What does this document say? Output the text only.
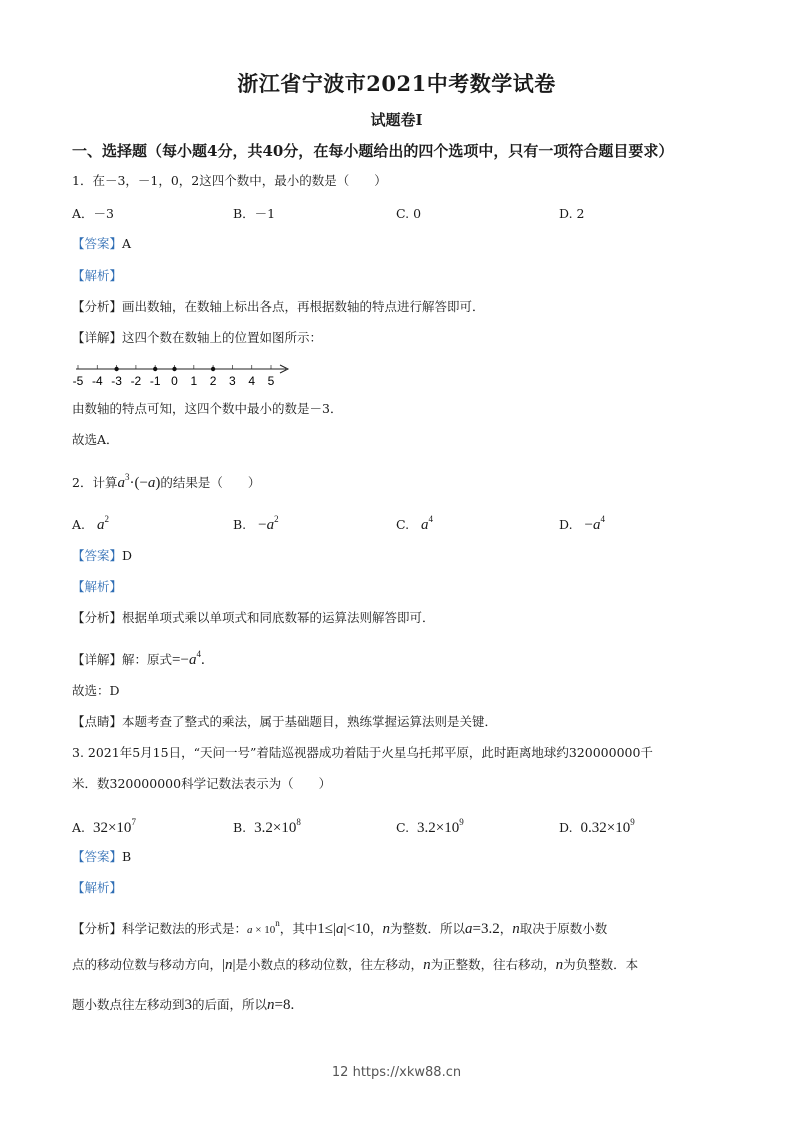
浙江省宁波市2021中考数学试卷
试题卷Ⅰ
一、选择题（每小题4分，共40分，在每小题给出的四个选项中，只有一项符合题目要求）
1．在－3，－1，0，2这四个数中，最小的数是（　　）
A．－3	B．－1	C. 0	D. 2
【答案】A
【解析】
【分析】画出数轴，在数轴上标出各点，再根据数轴的特点进行解答即可．
【详解】这四个数在数轴上的位置如图所示：
-5 -4 -3 -2 -1 0 1 2 3 4 5
由数轴的特点可知，这四个数中最小的数是－3．
故选A．
2．计算$a^3\cdot(-a)$的结果是（　　）
A. $a^2$	B. $-a^2$	C. $a^4$	D. $-a^4$
【答案】D
【解析】
【分析】根据单项式乘以单项式和同底数幂的运算法则解答即可．
【详解】解：原式$=-a^4$.
故选：D
【点睛】本题考查了整式的乘法，属于基础题目，熟练掌握运算法则是关键．
3. 2021年5月15日，“天问一号”着陆巡视器成功着陆于火星乌托邦平原，此时距离地球约320000000千
米．数320000000科学记数法表示为（　　）
A. $32\times 10^7$	B. $3.2\times 10^8$	C. $3.2\times 10^9$	D. $0.32\times 10^9$
【答案】B
【解析】
【分析】科学记数法的形式是：$a \times 10^n$，其中1≤|a|<10，n为整数．所以a=3.2，n取决于原数小数
点的移动位数与移动方向，|n|是小数点的移动位数，往左移动，n为正整数，往右移动，n为负整数．本
题小数点往左移动到3的后面，所以n=8.
12 https://xkw88.cn
